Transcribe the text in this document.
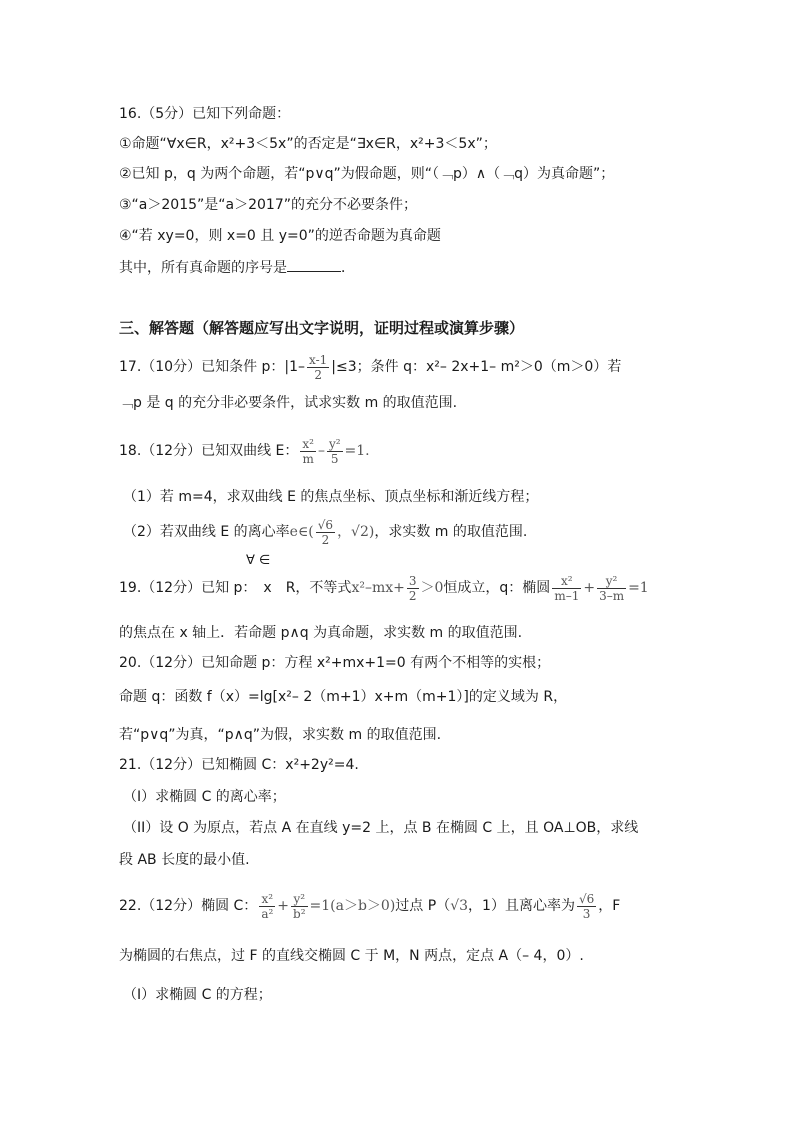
16.（5分）已知下列命题：
①命题“∀x∈R，x²+3＜5x”的否定是“∃x∈R，x²+3＜5x”；
②已知 p，q 为两个命题，若“p∨q”为假命题，则“（﹁p）∧（﹁q）为真命题”；
③“a＞2015”是“a＞2017”的充分不必要条件；
④“若 xy=0，则 x=0 且 y=0”的逆否命题为真命题
其中，所有真命题的序号是	．
三、解答题（解答题应写出文字说明，证明过程或演算步骤）
17.（10分）已知条件 p：$|1- \frac{x-1}{2} |\le 3$；条件 q：x²– 2x+1– m²＞0（m＞0）若
﹁p 是 q 的充分非必要条件，试求实数 m 的取值范围.
18.（12分）已知双曲线 E： $\frac{\text{x²}}{m} - \frac{\text{y²}}{5} =1$.
（1）若 m=4，求双曲线 E 的焦点坐标、顶点坐标和渐近线方程；
（2）若双曲线 E 的离心率e∈( $\frac{√6}{2}$ ，√2)，求实数 m 的取值范围.
∀ ∈
19.（12分）已知 p：　x　R，不等式$x^2-mx+ \frac{3}{2} >0$恒成立，q：椭圆 $\frac{\text{x²}}{m-1} + \frac{\text{y²}}{3-m} =1$
的焦点在 x 轴上．若命题 p∧q 为真命题，求实数 m 的取值范围.
20.（12分）已知命题 p：方程 x²+mx+1=0 有两个不相等的实根；
命题 q：函数 f（x）=lg[x²– 2（m+1）x+m（m+1）]的定义域为 R，
若“p∨q”为真，“p∧q”为假，求实数 m 的取值范围.
21.（12分）已知椭圆 C：x²+2y²=4.
（I）求椭圆 C 的离心率；
（II）设 O 为原点，若点 A 在直线 y=2 上，点 B 在椭圆 C 上，且 OA⊥OB，求线
段 AB 长度的最小值.
22.（12分）椭圆 C： $\frac{\text{x²}}{\text{a²}} + \frac{\text{y²}}{\text{b²}} =1(a>b>0)$过点 P（√3，1）且离心率为 $\frac{√6}{3}$ ，F
为椭圆的右焦点，过 F 的直线交椭圆 C 于 M，N 两点，定点 A（– 4，0）.
（Ⅰ）求椭圆 C 的方程；
